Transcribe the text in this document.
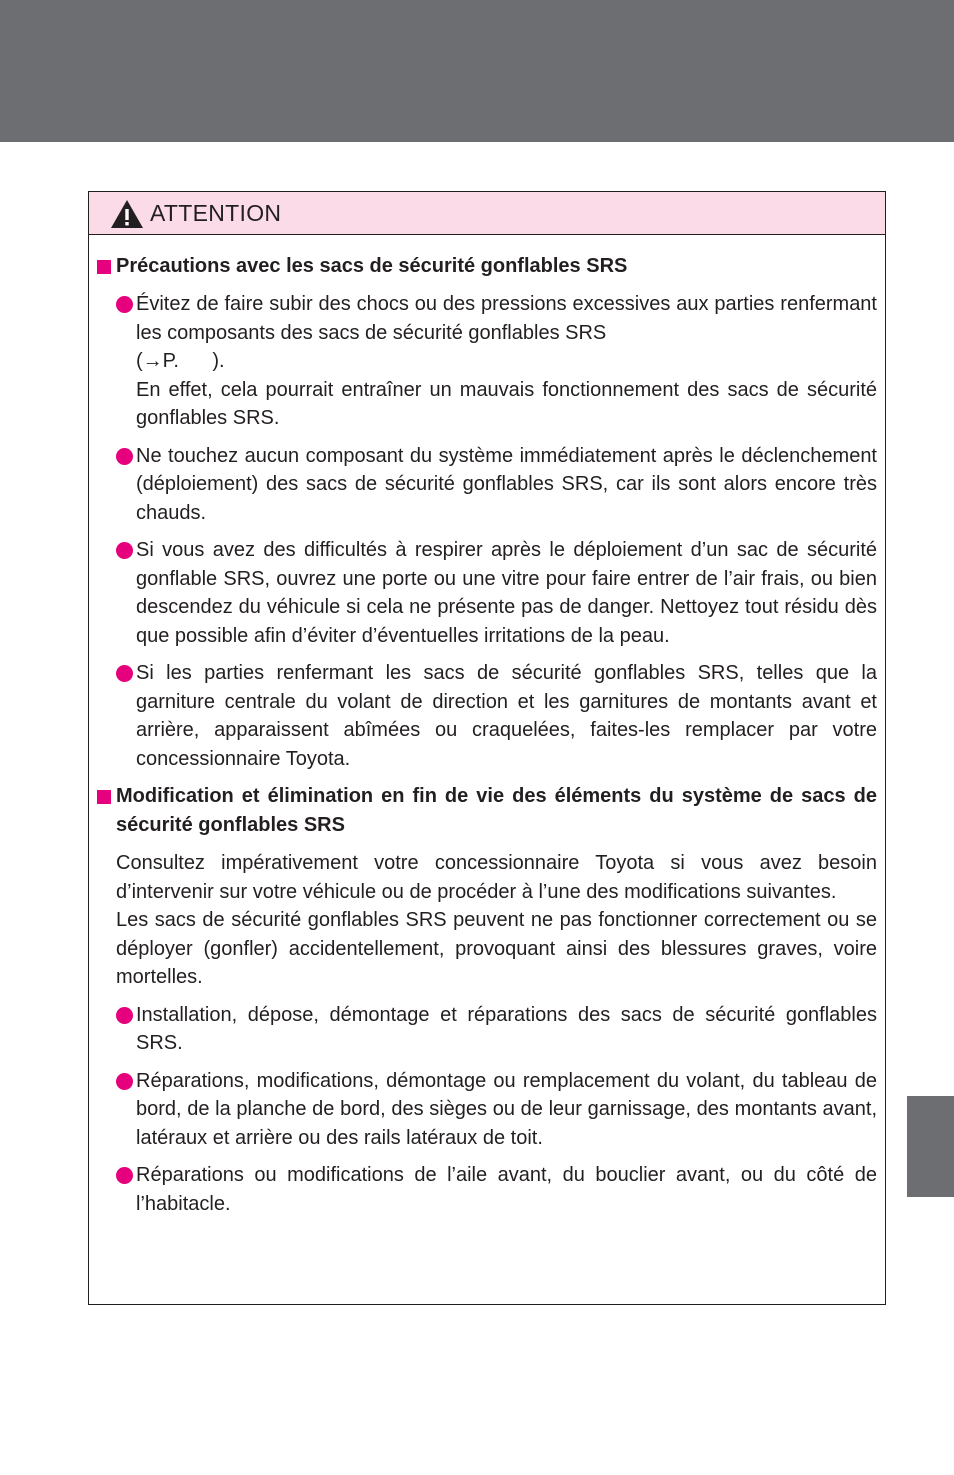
ATTENTION
Précautions avec les sacs de sécurité gonflables SRS
Évitez de faire subir des chocs ou des pressions excessives aux parties renfermant les composants des sacs de sécurité gonflables SRS
(→P.      ).
En effet, cela pourrait entraîner un mauvais fonctionnement des sacs de sécurité gonflables SRS.
Ne touchez aucun composant du système immédiatement après le déclenchement (déploiement) des sacs de sécurité gonflables SRS, car ils sont alors encore très chauds.
Si vous avez des difficultés à respirer après le déploiement d’un sac de sécurité gonflable SRS, ouvrez une porte ou une vitre pour faire entrer de l’air frais, ou bien descendez du véhicule si cela ne présente pas de danger. Nettoyez tout résidu dès que possible afin d’éviter d’éventuelles irritations de la peau.
Si les parties renfermant les sacs de sécurité gonflables SRS, telles que la garniture centrale du volant de direction et les garnitures de montants avant et arrière, apparaissent abîmées ou craquelées, faites-les remplacer par votre concessionnaire Toyota.
Modification et élimination en fin de vie des éléments du système de sacs de sécurité gonflables SRS
Consultez impérativement votre concessionnaire Toyota si vous avez besoin d’intervenir sur votre véhicule ou de procéder à l’une des modifications suivantes.
Les sacs de sécurité gonflables SRS peuvent ne pas fonctionner correctement ou se déployer (gonfler) accidentellement, provoquant ainsi des blessures graves, voire mortelles.
Installation, dépose, démontage et réparations des sacs de sécurité gonflables SRS.
Réparations, modifications, démontage ou remplacement du volant, du tableau de bord, de la planche de bord, des sièges ou de leur garnissage, des montants avant, latéraux et arrière ou des rails latéraux de toit.
Réparations ou modifications de l’aile avant, du bouclier avant, ou du côté de l’habitacle.
